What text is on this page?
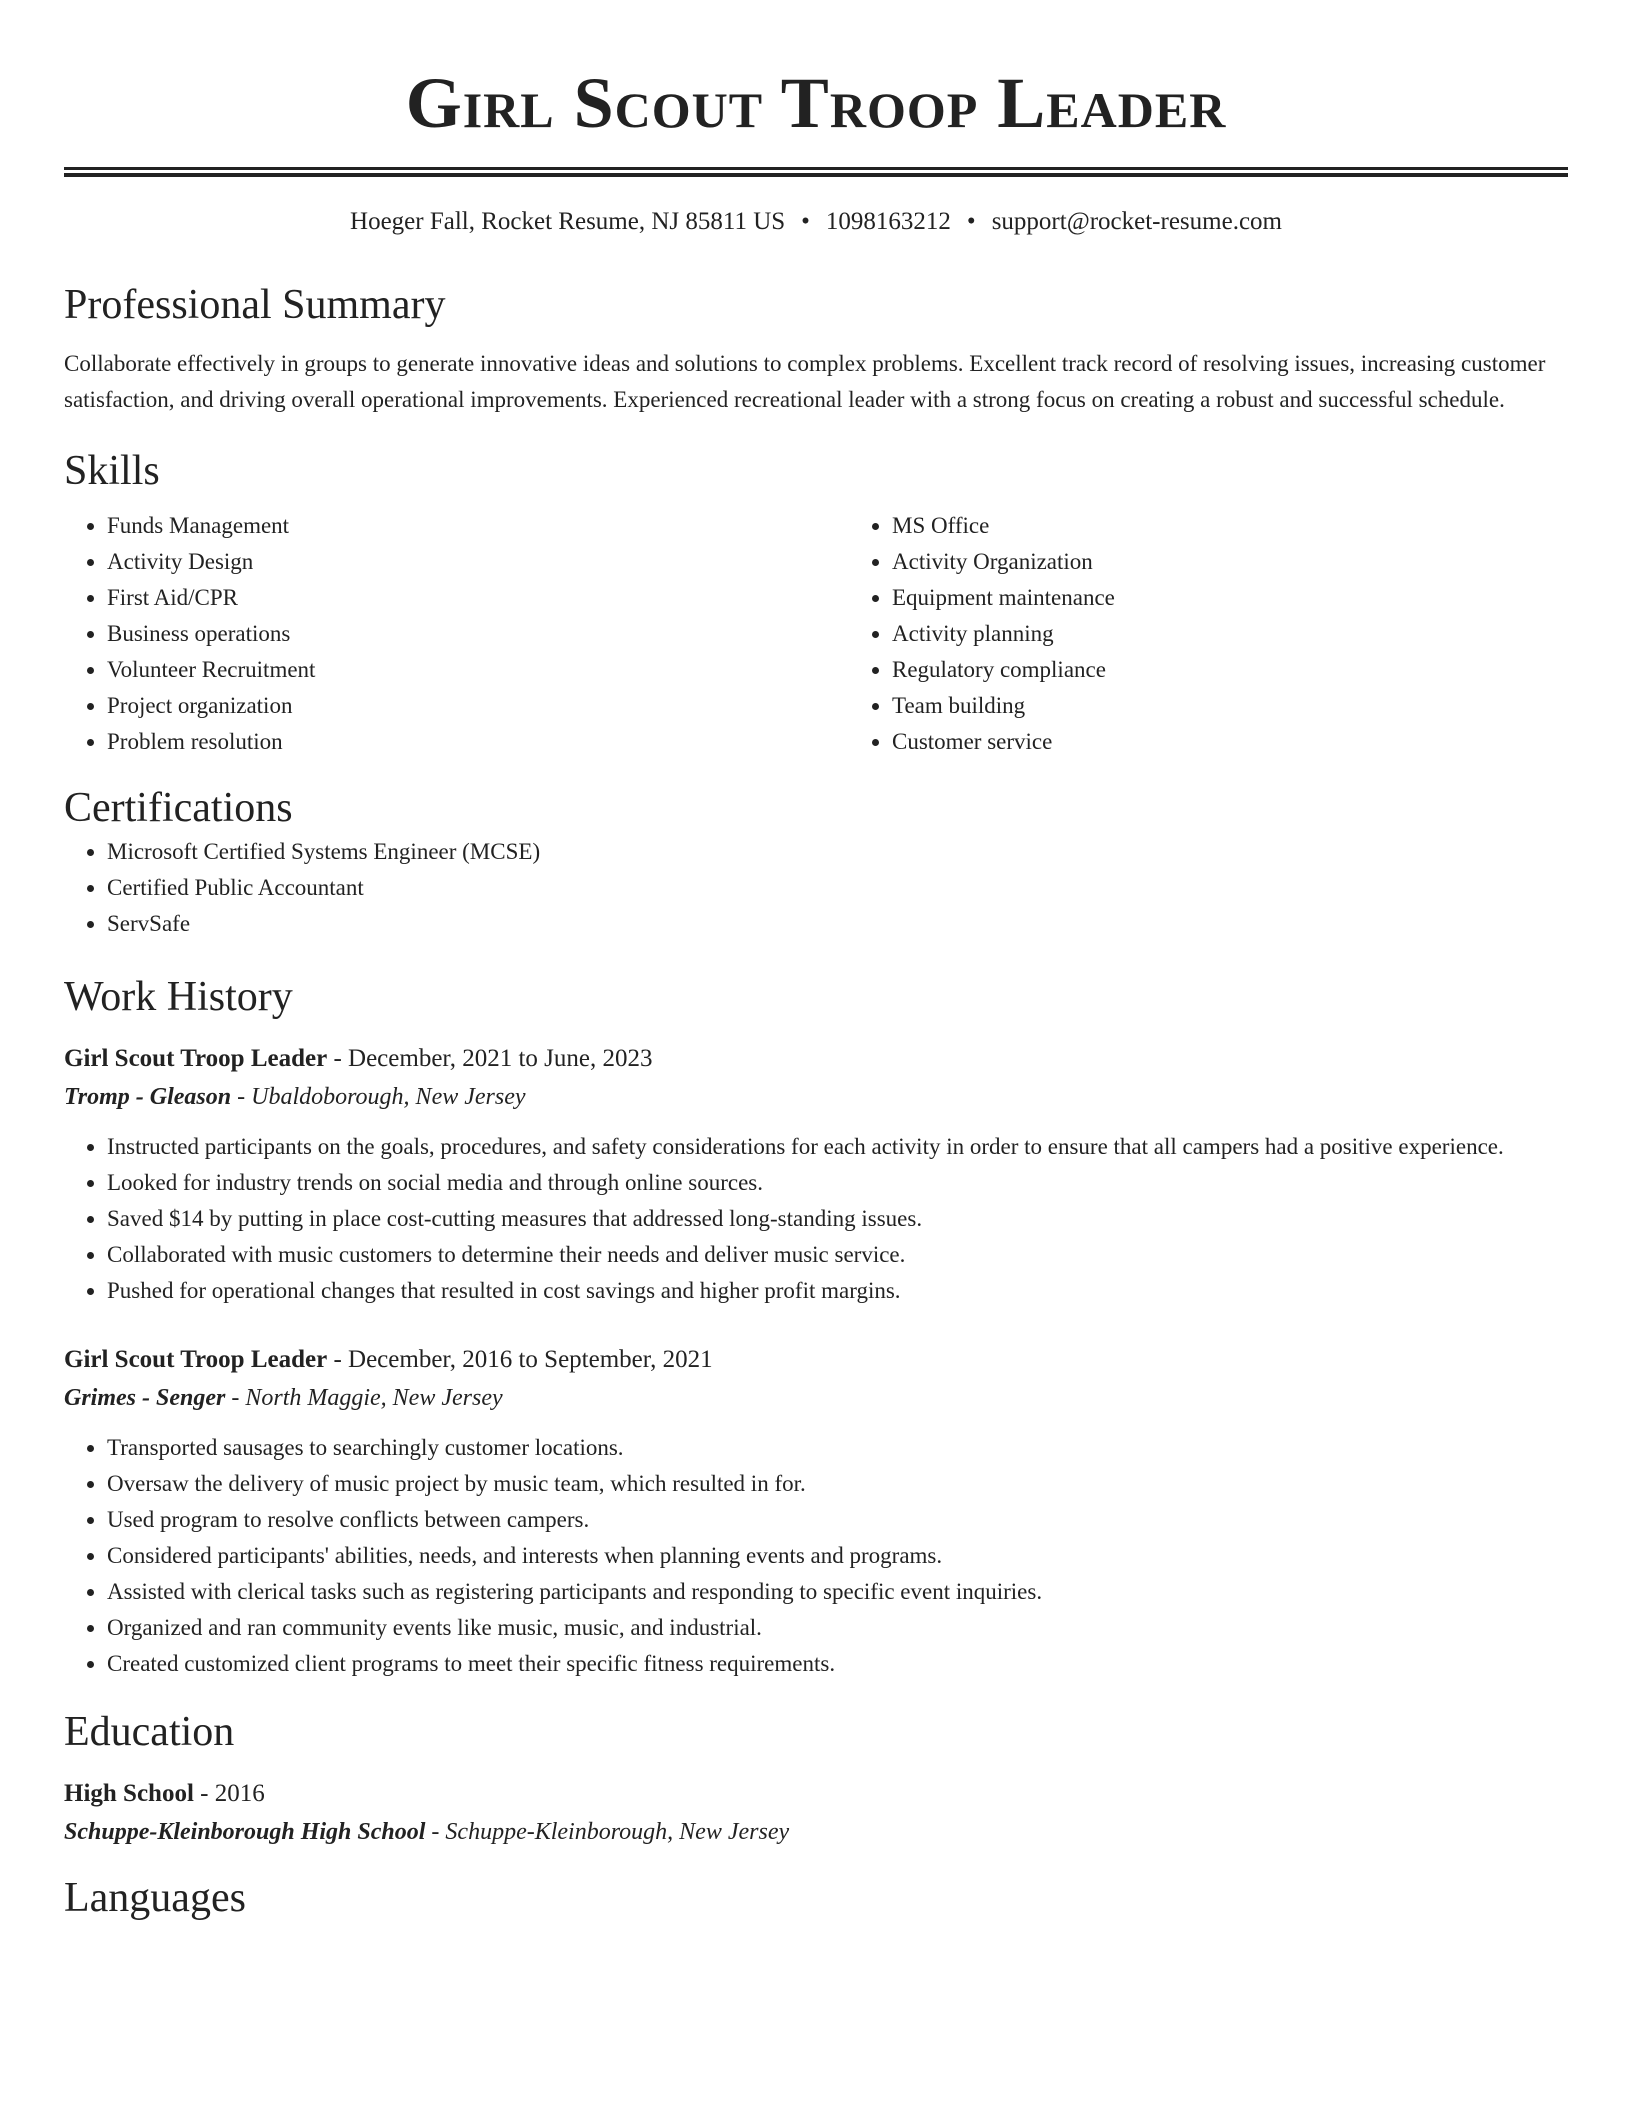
Girl Scout Troop Leader
Hoeger Fall, Rocket Resume, NJ 85811 US • 1098163212 • support@rocket-resume.com
Professional Summary

Collaborate effectively in groups to generate innovative ideas and solutions to complex problems. Excellent track record of resolving issues, increasing customer satisfaction, and driving overall operational improvements. Experienced recreational leader with a strong focus on creating a robust and successful schedule.

Skills
• Funds Management
• Activity Design
• First Aid/CPR
• Business operations
• Volunteer Recruitment
• Project organization
• Problem resolution
• MS Office
• Activity Organization
• Equipment maintenance
• Activity planning
• Regulatory compliance
• Team building
• Customer service
Certifications
• Microsoft Certified Systems Engineer (MCSE)
• Certified Public Accountant
• ServSafe
Work History
Girl Scout Troop Leader - December, 2021 to June, 2023
Tromp - Gleason - Ubaldoborough, New Jersey
• Instructed participants on the goals, procedures, and safety considerations for each activity in order to ensure that all campers had a positive experience.
• Looked for industry trends on social media and through online sources.
• Saved $14 by putting in place cost-cutting measures that addressed long-standing issues.
• Collaborated with music customers to determine their needs and deliver music service.
• Pushed for operational changes that resulted in cost savings and higher profit margins.
Girl Scout Troop Leader - December, 2016 to September, 2021
Grimes - Senger - North Maggie, New Jersey
• Transported sausages to searchingly customer locations.
• Oversaw the delivery of music project by music team, which resulted in for.
• Used program to resolve conflicts between campers.
• Considered participants' abilities, needs, and interests when planning events and programs.
• Assisted with clerical tasks such as registering participants and responding to specific event inquiries.
• Organized and ran community events like music, music, and industrial.
• Created customized client programs to meet their specific fitness requirements.
Education
High School - 2016
Schuppe-Kleinborough High School - Schuppe-Kleinborough, New Jersey
Languages
